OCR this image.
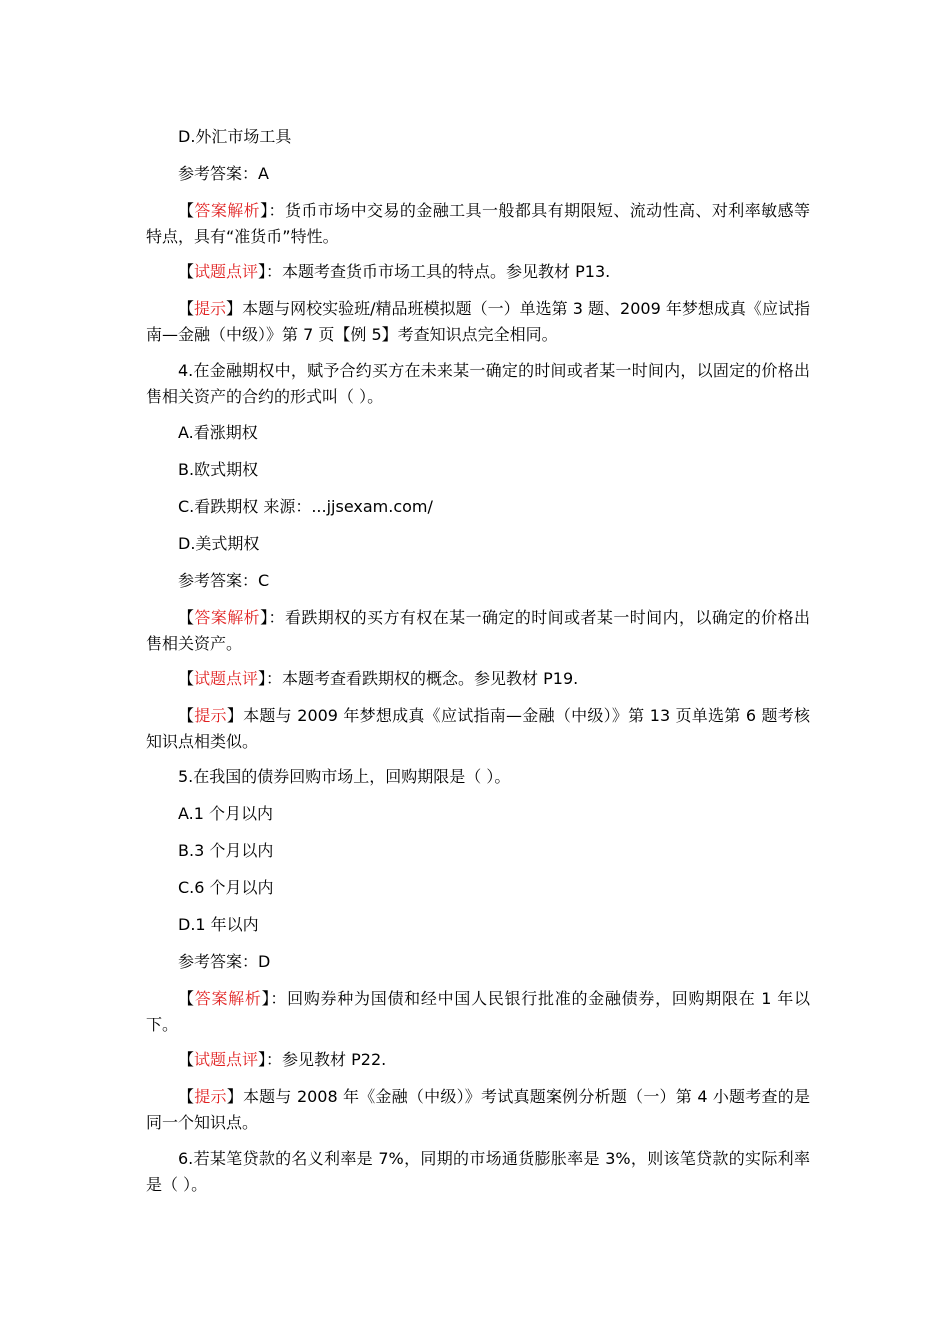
D.外汇市场工具

参考答案：A

【答案解析】：货币市场中交易的金融工具一般都具有期限短、流动性高、对利率敏感等特点，具有“准货币”特性。

【试题点评】：本题考查货币市场工具的特点。参见教材 P13.

【提示】本题与网校实验班/精品班模拟题（一）单选第 3 题、2009 年梦想成真《应试指南—金融（中级）》第 7 页【例 5】考查知识点完全相同。

4.在金融期权中，赋予合约买方在未来某一确定的时间或者某一时间内，以固定的价格出售相关资产的合约的形式叫（ ）。

A.看涨期权

B.欧式期权

C.看跌期权 来源：...jjsexam.com/

D.美式期权

参考答案：C

【答案解析】：看跌期权的买方有权在某一确定的时间或者某一时间内，以确定的价格出售相关资产。

【试题点评】：本题考查看跌期权的概念。参见教材 P19.

【提示】本题与 2009 年梦想成真《应试指南—金融（中级）》第 13 页单选第 6 题考核知识点相类似。

5.在我国的债券回购市场上，回购期限是（ ）。

A.1 个月以内

B.3 个月以内

C.6 个月以内

D.1 年以内

参考答案：D

【答案解析】：回购券种为国债和经中国人民银行批准的金融债券，回购期限在 1 年以下。

【试题点评】：参见教材 P22.

【提示】本题与 2008 年《金融（中级）》考试真题案例分析题（一）第 4 小题考查的是同一个知识点。

6.若某笔贷款的名义利率是 7%，同期的市场通货膨胀率是 3%，则该笔贷款的实际利率是（ ）。
